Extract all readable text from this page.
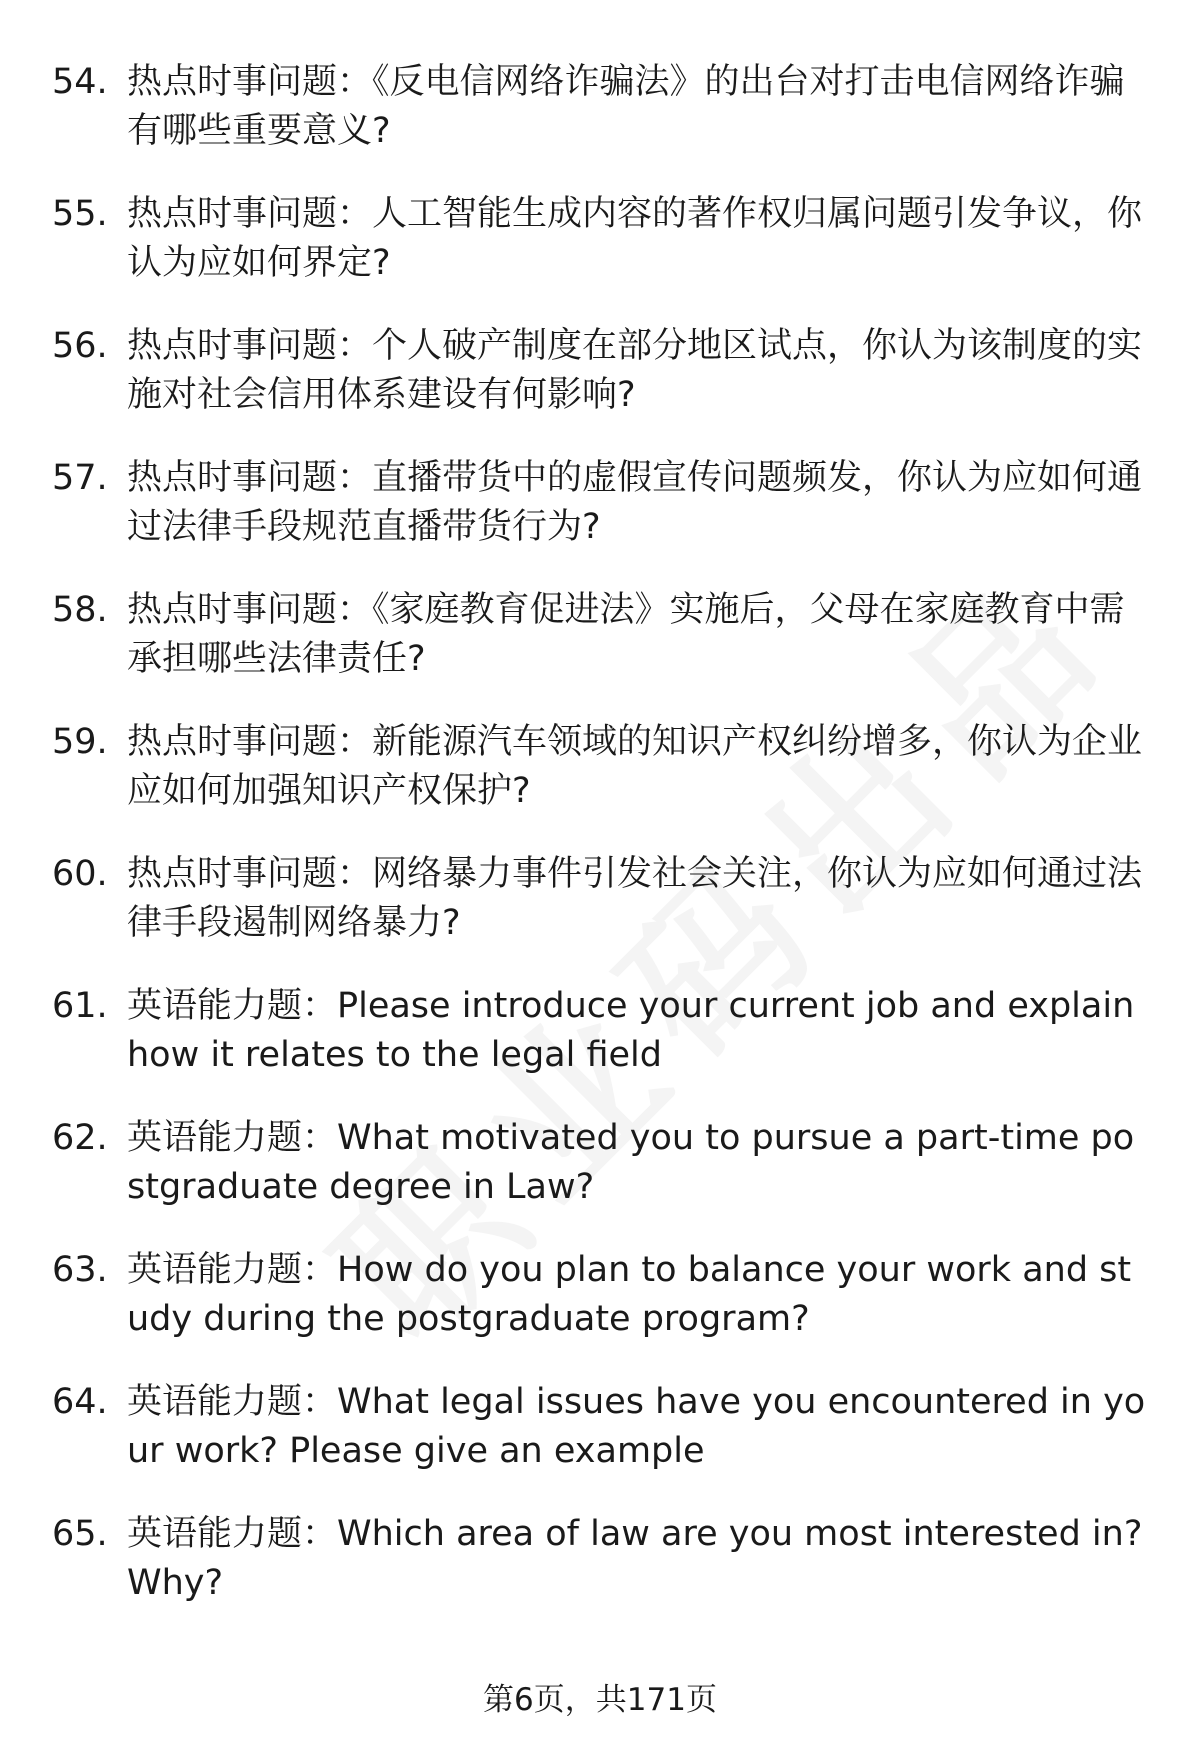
54. 热点时事问题：《反电信网络诈骗法》的出台对打击电信网络诈骗有哪些重要意义?
55. 热点时事问题：人工智能生成内容的著作权归属问题引发争议，你认为应如何界定?
56. 热点时事问题：个人破产制度在部分地区试点，你认为该制度的实施对社会信用体系建设有何影响?
57. 热点时事问题：直播带货中的虚假宣传问题频发，你认为应如何通过法律手段规范直播带货行为?
58. 热点时事问题：《家庭教育促进法》实施后，父母在家庭教育中需承担哪些法律责任?
59. 热点时事问题：新能源汽车领域的知识产权纠纷增多，你认为企业应如何加强知识产权保护?
60. 热点时事问题：网络暴力事件引发社会关注，你认为应如何通过法律手段遏制网络暴力?
61. 英语能力题：Please introduce your current job and explain how it relates to the legal field
62. 英语能力题：What motivated you to pursue a part-time postgraduate degree in Law?
63. 英语能力题：How do you plan to balance your work and study during the postgraduate program?
64. 英语能力题：What legal issues have you encountered in your work? Please give an example
65. 英语能力题：Which area of law are you most interested in? Why?
第6页，共171页
